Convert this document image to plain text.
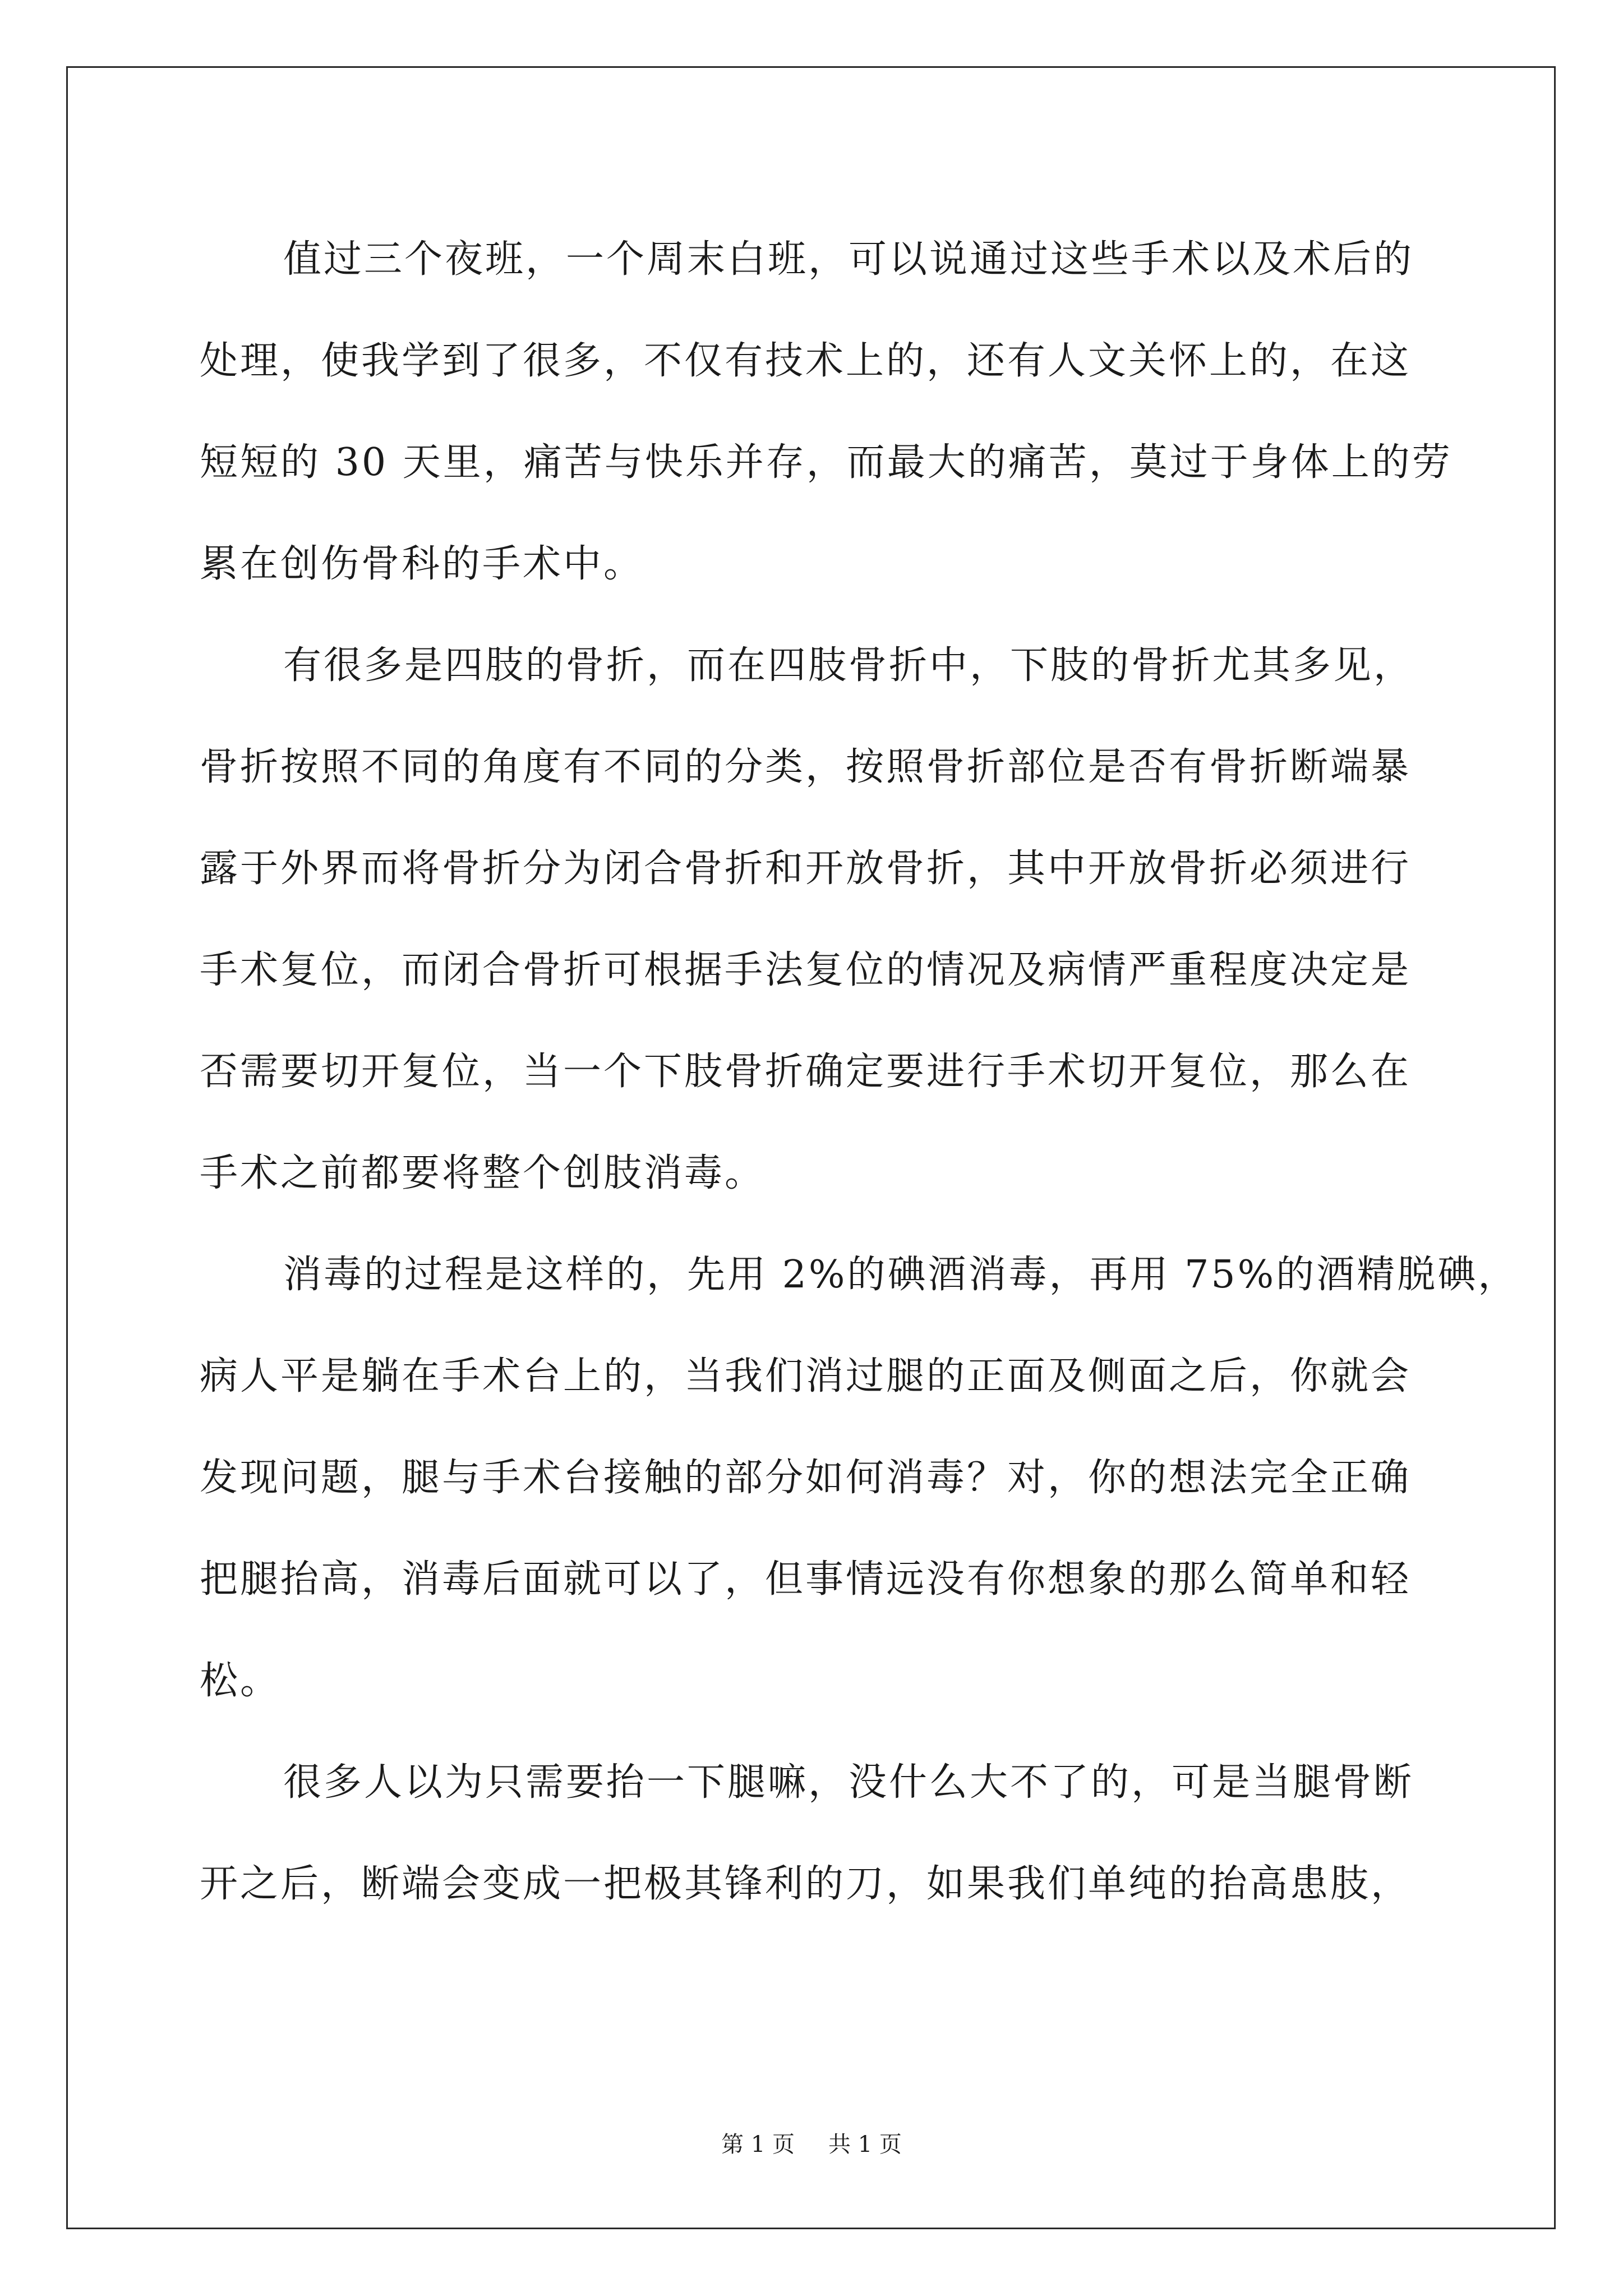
值过三个夜班，一个周末白班，可以说通过这些手术以及术后的
处理，使我学到了很多，不仅有技术上的，还有人文关怀上的，在这
短短的 30 天里，痛苦与快乐并存，而最大的痛苦，莫过于身体上的劳
累在创伤骨科的手术中。
有很多是四肢的骨折，而在四肢骨折中，下肢的骨折尤其多见，
骨折按照不同的角度有不同的分类，按照骨折部位是否有骨折断端暴
露于外界而将骨折分为闭合骨折和开放骨折，其中开放骨折必须进行
手术复位，而闭合骨折可根据手法复位的情况及病情严重程度决定是
否需要切开复位，当一个下肢骨折确定要进行手术切开复位，那么在
手术之前都要将整个创肢消毒。
消毒的过程是这样的，先用 2%的碘酒消毒，再用 75%的酒精脱碘，
病人平是躺在手术台上的，当我们消过腿的正面及侧面之后，你就会
发现问题，腿与手术台接触的部分如何消毒？对，你的想法完全正确
把腿抬高，消毒后面就可以了，但事情远没有你想象的那么简单和轻
松。
很多人以为只需要抬一下腿嘛，没什么大不了的，可是当腿骨断
开之后，断端会变成一把极其锋利的刀，如果我们单纯的抬高患肢，
第 1 页 共 1 页
